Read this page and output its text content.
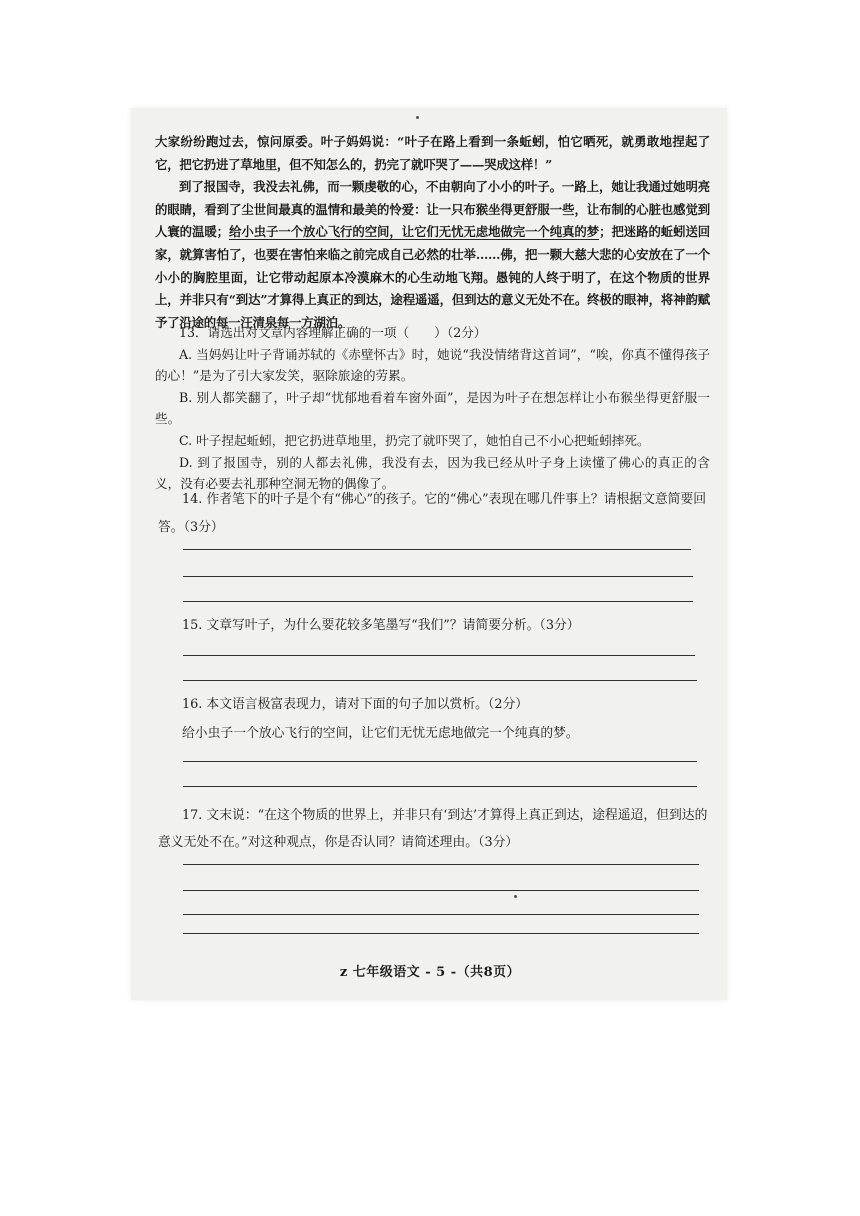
大家纷纷跑过去，惊问原委。叶子妈妈说：“叶子在路上看到一条蚯蚓，怕它晒死，就勇敢地捏起了它，把它扔进了草地里，但不知怎么的，扔完了就吓哭了——哭成这样！”

到了报国寺，我没去礼佛，而一颗虔敬的心，不由朝向了小小的叶子。一路上，她让我通过她明亮的眼睛，看到了尘世间最真的温情和最美的怜爱：让一只布猴坐得更舒服一些，让布制的心脏也感觉到人寰的温暖；给小虫子一个放心飞行的空间，让它们无忧无虑地做完一个纯真的梦；把迷路的蚯蚓送回家，就算害怕了，也要在害怕来临之前完成自己必然的壮举……佛，把一颗大慈大悲的心安放在了一个小小的胸腔里面，让它带动起原本冷漠麻木的心生动地飞翔。愚钝的人终于明了，在这个物质的世界上，并非只有“到达”才算得上真正的到达，途程遥遥，但到达的意义无处不在。终极的眼神，将神韵赋予了沿途的每一汪清泉每一方湖泊。

13．请选出对文章内容理解正确的一项（　　）（2分）

A. 当妈妈让叶子背诵苏轼的《赤壁怀古》时，她说“我没情绪背这首词”，“唉，你真不懂得孩子的心！”是为了引大家发笑，驱除旅途的劳累。

B. 别人都笑翻了，叶子却“忧郁地看着车窗外面”，是因为叶子在想怎样让小布猴坐得更舒服一些。

C. 叶子捏起蚯蚓，把它扔进草地里，扔完了就吓哭了，她怕自己不小心把蚯蚓摔死。

D. 到了报国寺，别的人都去礼佛，我没有去，因为我已经从叶子身上读懂了佛心的真正的含义，没有必要去礼那种空洞无物的偶像了。

14. 作者笔下的叶子是个有“佛心”的孩子。它的“佛心”表现在哪几件事上？请根据文意简要回答。（3分）

15. 文章写叶子，为什么要花较多笔墨写“我们”？请简要分析。（3分）

16. 本文语言极富表现力，请对下面的句子加以赏析。（2分）

给小虫子一个放心飞行的空间，让它们无忧无虑地做完一个纯真的梦。

17. 文末说：“在这个物质的世界上，并非只有‘到达’才算得上真正到达，途程遥迢，但到达的意义无处不在。”对这种观点，你是否认同？请简述理由。（3分）

z 七年级语文 - 5 -（共8页）
